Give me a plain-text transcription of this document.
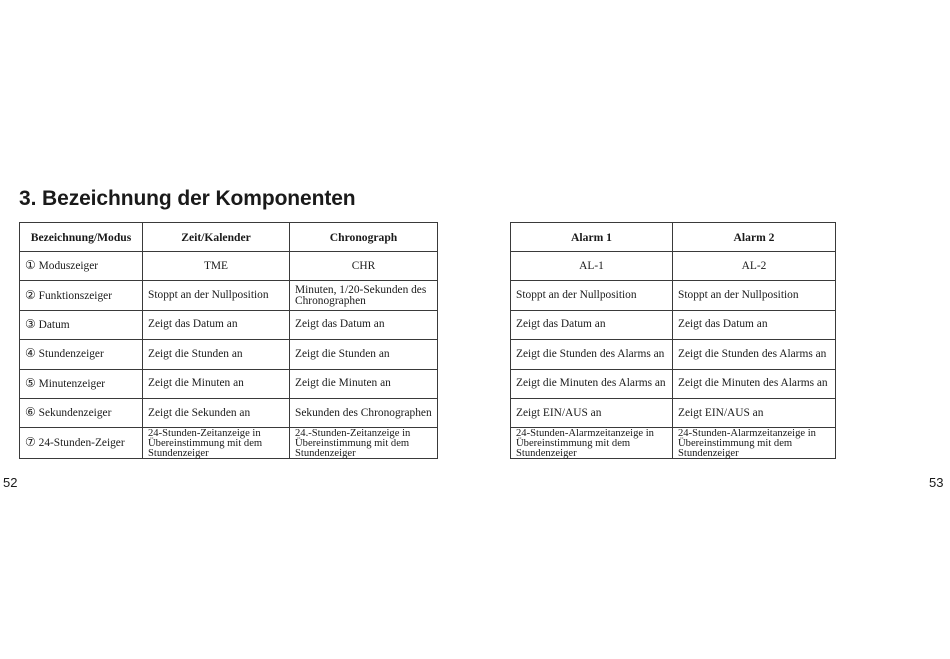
3. Bezeichnung der Komponenten
Bezeichnung/Modus	Zeit/Kalender	Chronograph
① Moduszeiger	TME	CHR
② Funktionszeiger	Stoppt an der Nullposition	Minuten, 1/20-Sekunden des Chronographen
③ Datum	Zeigt das Datum an	Zeigt das Datum an
④ Stundenzeiger	Zeigt die Stunden an	Zeigt die Stunden an
⑤ Minutenzeiger	Zeigt die Minuten an	Zeigt die Minuten an
⑥ Sekundenzeiger	Zeigt die Sekunden an	Sekunden des Chronographen
⑦ 24-Stunden-Zeiger	24-Stunden-Zeitanzeige in Übereinstimmung mit dem Stundenzeiger	24.-Stunden-Zeitanzeige in Übereinstimmung mit dem Stundenzeiger
Alarm 1	Alarm 2
AL-1	AL-2
Stoppt an der Nullposition	Stoppt an der Nullposition
Zeigt das Datum an	Zeigt das Datum an
Zeigt die Stunden des Alarms an	Zeigt die Stunden des Alarms an
Zeigt die Minuten des Alarms an	Zeigt die Minuten des Alarms an
Zeigt EIN/AUS an	Zeigt EIN/AUS an
24-Stunden-Alarmzeitanzeige in Übereinstimmung mit dem Stundenzeiger	24-Stunden-Alarmzeitanzeige in Übereinstimmung mit dem Stundenzeiger
52	53
